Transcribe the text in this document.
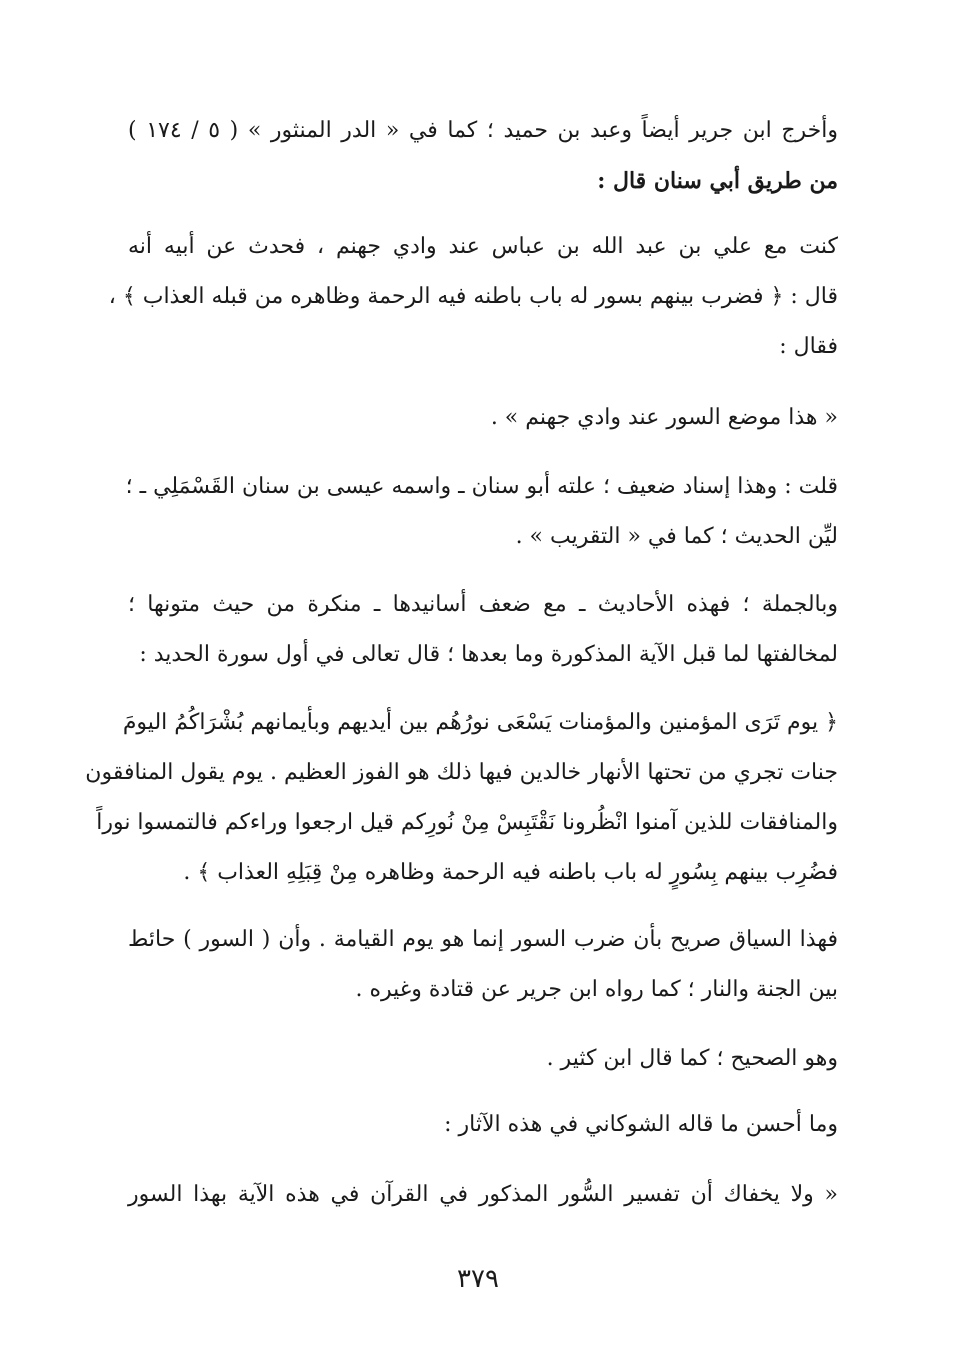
وأخرج ابن جرير أيضاً وعبد بن حميد ؛ كما في « الدر المنثور » ( ٥ / ١٧٤ )
من طريق أبي سنان قال :
كنت مع علي بن عبد الله بن عباس عند وادي جهنم ، فحدث عن أبيه أنه
قال : ﴿ فضرب بينهم بسور له باب باطنه فيه الرحمة وظاهره من قبله العذاب ﴾ ،
فقال :
« هذا موضع السور عند وادي جهنم » .
قلت : وهذا إسناد ضعيف ؛ علته أبو سنان ـ واسمه عيسى بن سنان القَسْمَلِي ـ ؛
ليِّن الحديث ؛ كما في « التقريب » .
وبالجملة ؛ فهذه الأحاديث ـ مع ضعف أسانيدها ـ منكرة من حيث متونها ؛
لمخالفتها لما قبل الآية المذكورة وما بعدها ؛ قال تعالى في أول سورة الحديد :
﴿ يوم تَرَى المؤمنين والمؤمنات يَسْعَى نورُهُم بين أيديهم وبأيمانهم بُشْرَاكُمُ اليومَ
جنات تجري من تحتها الأنهار خالدين فيها ذلك هو الفوز العظيم . يوم يقول المنافقون
والمنافقات للذين آمنوا انْظُرونا نَقْتَبِسْ مِنْ نُورِكم قيل ارجعوا وراءكم فالتمسوا نوراً
فضُرِب بينهم بِسُورٍ له باب باطنه فيه الرحمة وظاهره مِنْ قِبَلِهِ العذاب ﴾ .
فهذا السياق صريح بأن ضرب السور إنما هو يوم القيامة . وأن ( السور ) حائط
بين الجنة والنار ؛ كما رواه ابن جرير عن قتادة وغيره .
وهو الصحيح ؛ كما قال ابن كثير .
وما أحسن ما قاله الشوكاني في هذه الآثار :
« ولا يخفاك أن تفسير السُّور المذكور في القرآن في هذه الآية بهذا السور
٣٧٩
